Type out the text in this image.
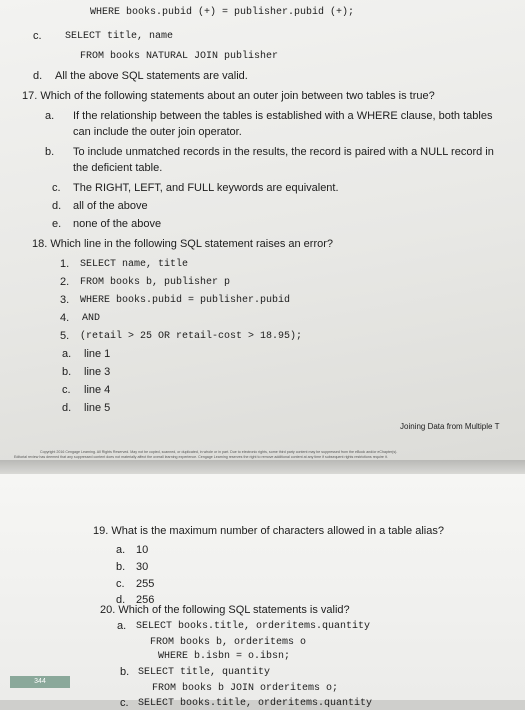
WHERE books.pubid (+) = publisher.pubid (+);
c. SELECT title, name
FROM books NATURAL JOIN publisher
d. All the above SQL statements are valid.
17. Which of the following statements about an outer join between two tables is true?
a. If the relationship between the tables is established with a WHERE clause, both tables
can include the outer join operator.
b. To include unmatched records in the results, the record is paired with a NULL record in
the deficient table.
c. The RIGHT, LEFT, and FULL keywords are equivalent.
d. all of the above
e. none of the above
18. Which line in the following SQL statement raises an error?
1. SELECT name, title
2. FROM books b, publisher p
3. WHERE books.pubid = publisher.pubid
4. AND
5. (retail > 25 OR retail-cost > 18.95);
a. line 1
b. line 3
c. line 4
d. line 5
19. What is the maximum number of characters allowed in a table alias?
a. 10
b. 30
c. 255
d. 256
20. Which of the following SQL statements is valid?
a. SELECT books.title, orderitems.quantity
FROM books b, orderitems o
WHERE b.isbn = o.ibsn;
b. SELECT title, quantity
FROM books b JOIN orderitems o;
c. SELECT books.title, orderitems.quantity
Joining Data from Multiple T
Copyright 2016 Cengage Learning. All Rights Reserved. May not be copied, scanned, or duplicated, in whole or in part. Due to electronic rights, some third party content may be suppressed from the eBook and/or eChapter(s).
Editorial review has deemed that any suppressed content does not materially affect the overall learning experience. Cengage Learning reserves the right to remove additional content at any time if subsequent rights restrictions require it.
344
